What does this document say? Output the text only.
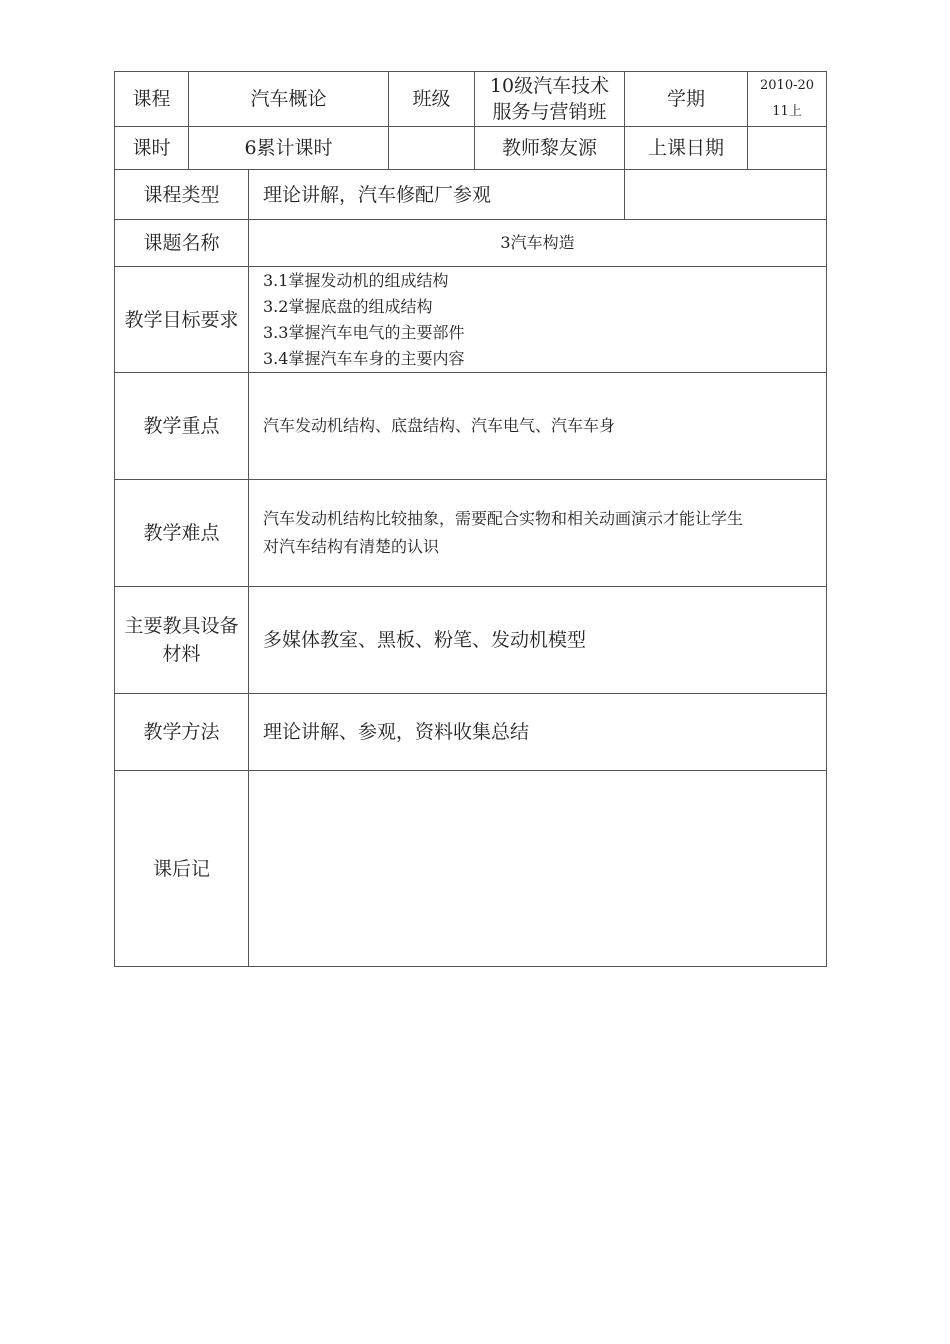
课程	汽车概论		班级	10级汽车技术
服务与营销班	学期	2010-20
11上

课时	6累计课时			教师黎友源	上课日期	
课程类型		理论讲解，汽车修配厂参观				
课题名称		3汽车构造				
教学目标要求		3.1掌握发动机的组成结构
3.2掌握底盘的组成结构
3.3掌握汽车电气的主要部件
3.4掌握汽车车身的主要内容				

教学重点		汽车发动机结构、底盘结构、汽车电气、汽车车身				
教学难点		汽车发动机结构比较抽象，需要配合实物和相关动画演示才能让学生
对汽车结构有清楚的认识				

主要教具设备
材料		多媒体教室、黑板、粉笔、发动机模型				
教学方法		理论讲解、参观，资料收集总结				
课后记						
